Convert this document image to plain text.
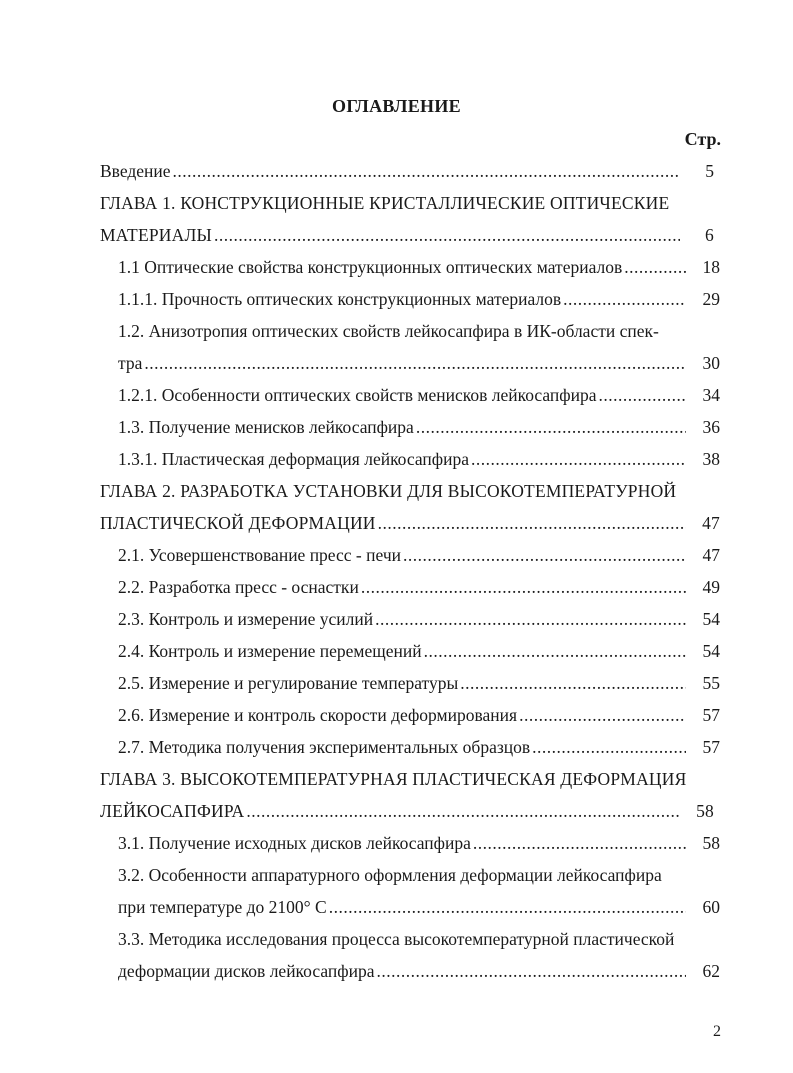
ОГЛАВЛЕНИЕ
Стр.
Введение .....	5
ГЛАВА 1. КОНСТРУКЦИОННЫЕ КРИСТАЛЛИЧЕСКИЕ ОПТИЧЕСКИЕ
МАТЕРИАЛЫ .....	6
1.1 Оптические свойства конструкционных оптических материалов .....	18
1.1.1. Прочность оптических конструкционных материалов .....	29
1.2. Анизотропия оптических свойств лейкосапфира в ИК-области спек-
тра .....	30
1.2.1. Особенности оптических свойств менисков лейкосапфира .....	34
1.3. Получение менисков лейкосапфира .....	36
1.3.1. Пластическая деформация лейкосапфира .....	38
ГЛАВА 2. РАЗРАБОТКА УСТАНОВКИ ДЛЯ ВЫСОКОТЕМПЕРАТУРНОЙ
ПЛАСТИЧЕСКОЙ ДЕФОРМАЦИИ .....	47
2.1. Усовершенствование пресс - печи .....	47
2.2. Разработка пресс - оснастки .....	49
2.3. Контроль и измерение усилий .....	54
2.4. Контроль и измерение перемещений .....	54
2.5. Измерение и регулирование температуры .....	55
2.6. Измерение и контроль скорости деформирования .....	57
2.7. Методика получения экспериментальных образцов .....	57
ГЛАВА 3. ВЫСОКОТЕМПЕРАТУРНАЯ ПЛАСТИЧЕСКАЯ ДЕФОРМАЦИЯ
ЛЕЙКОСАПФИРА .....	58
3.1. Получение исходных дисков лейкосапфира .....	58
3.2. Особенности аппаратурного оформления деформации лейкосапфира
при температуре до 2100° С .....	60
3.3. Методика исследования процесса высокотемпературной пластической
деформации дисков лейкосапфира .....	62
2
